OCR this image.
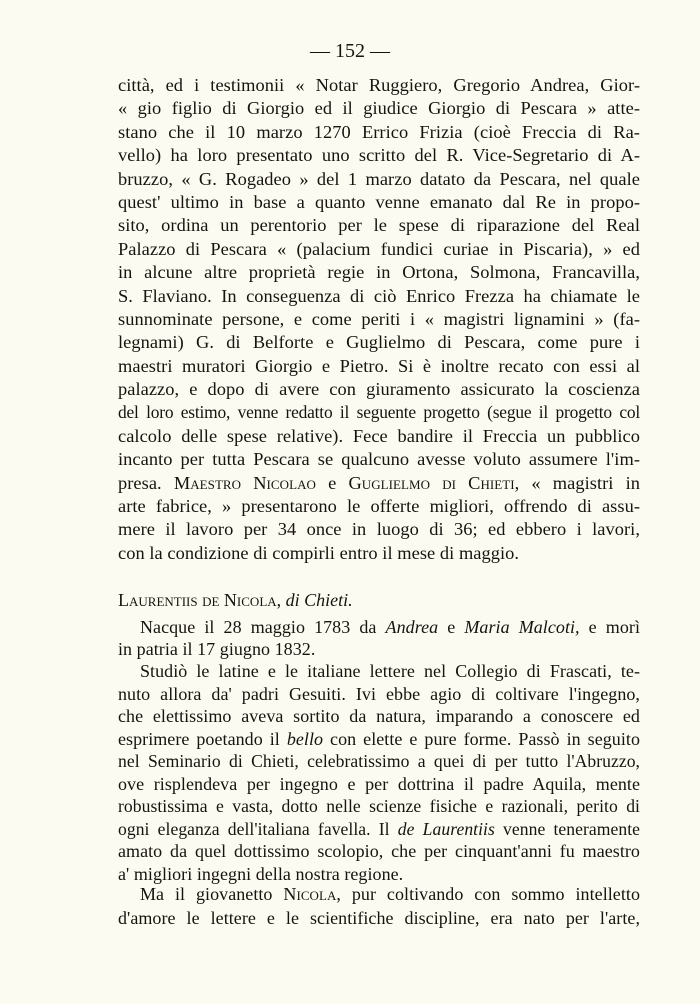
— 152 —
città, ed i testimonii « Notar Ruggiero, Gregorio Andrea, Gior-
« gio figlio di Giorgio ed il giudice Giorgio di Pescara » atte-
stano che il 10 marzo 1270 Errico Frizia (cioè Freccia di Ra-
vello) ha loro presentato uno scritto del R. Vice-Segretario di A-
bruzzo, « G. Rogadeo » del 1 marzo datato da Pescara, nel quale
quest' ultimo in base a quanto venne emanato dal Re in propo-
sito, ordina un perentorio per le spese di riparazione del Real
Palazzo di Pescara « (palacium fundici curiae in Piscaria), » ed
in alcune altre proprietà regie in Ortona, Solmona, Francavilla,
S. Flaviano. In conseguenza di ciò Enrico Frezza ha chiamate le
sunnominate persone, e come periti i « magistri lignamini » (fa-
legnami) G. di Belforte e Guglielmo di Pescara, come pure i
maestri muratori Giorgio e Pietro. Si è inoltre recato con essi al
palazzo, e dopo di avere con giuramento assicurato la coscienza
del loro estimo, venne redatto il seguente progetto (segue il progetto col
calcolo delle spese relative). Fece bandire il Freccia un pubblico
incanto per tutta Pescara se qualcuno avesse voluto assumere l'im-
presa. Maestro Nicolao e Guglielmo di Chieti, « magistri in
arte fabrice, » presentarono le offerte migliori, offrendo di assu-
mere il lavoro per 34 once in luogo di 36; ed ebbero i lavori,
con la condizione di compirli entro il mese di maggio.
Laurentiis de Nicola, di Chieti.
Nacque il 28 maggio 1783 da Andrea e Maria Malcoti, e morì
in patria il 17 giugno 1832.
Studiò le latine e le italiane lettere nel Collegio di Frascati, te-
nuto allora da' padri Gesuiti. Ivi ebbe agio di coltivare l'ingegno,
che elettissimo aveva sortito da natura, imparando a conoscere ed
esprimere poetando il bello con elette e pure forme. Passò in seguito
nel Seminario di Chieti, celebratissimo a quei di per tutto l'Abruzzo,
ove risplendeva per ingegno e per dottrina il padre Aquila, mente
robustissima e vasta, dotto nelle scienze fisiche e razionali, perito di
ogni eleganza dell'italiana favella. Il de Laurentiis venne teneramente
amato da quel dottissimo scolopio, che per cinquant'anni fu maestro
a' migliori ingegni della nostra regione.
Ma il giovanetto Nicola, pur coltivando con sommo intelletto
d'amore le lettere e le scientifiche discipline, era nato per l'arte,
